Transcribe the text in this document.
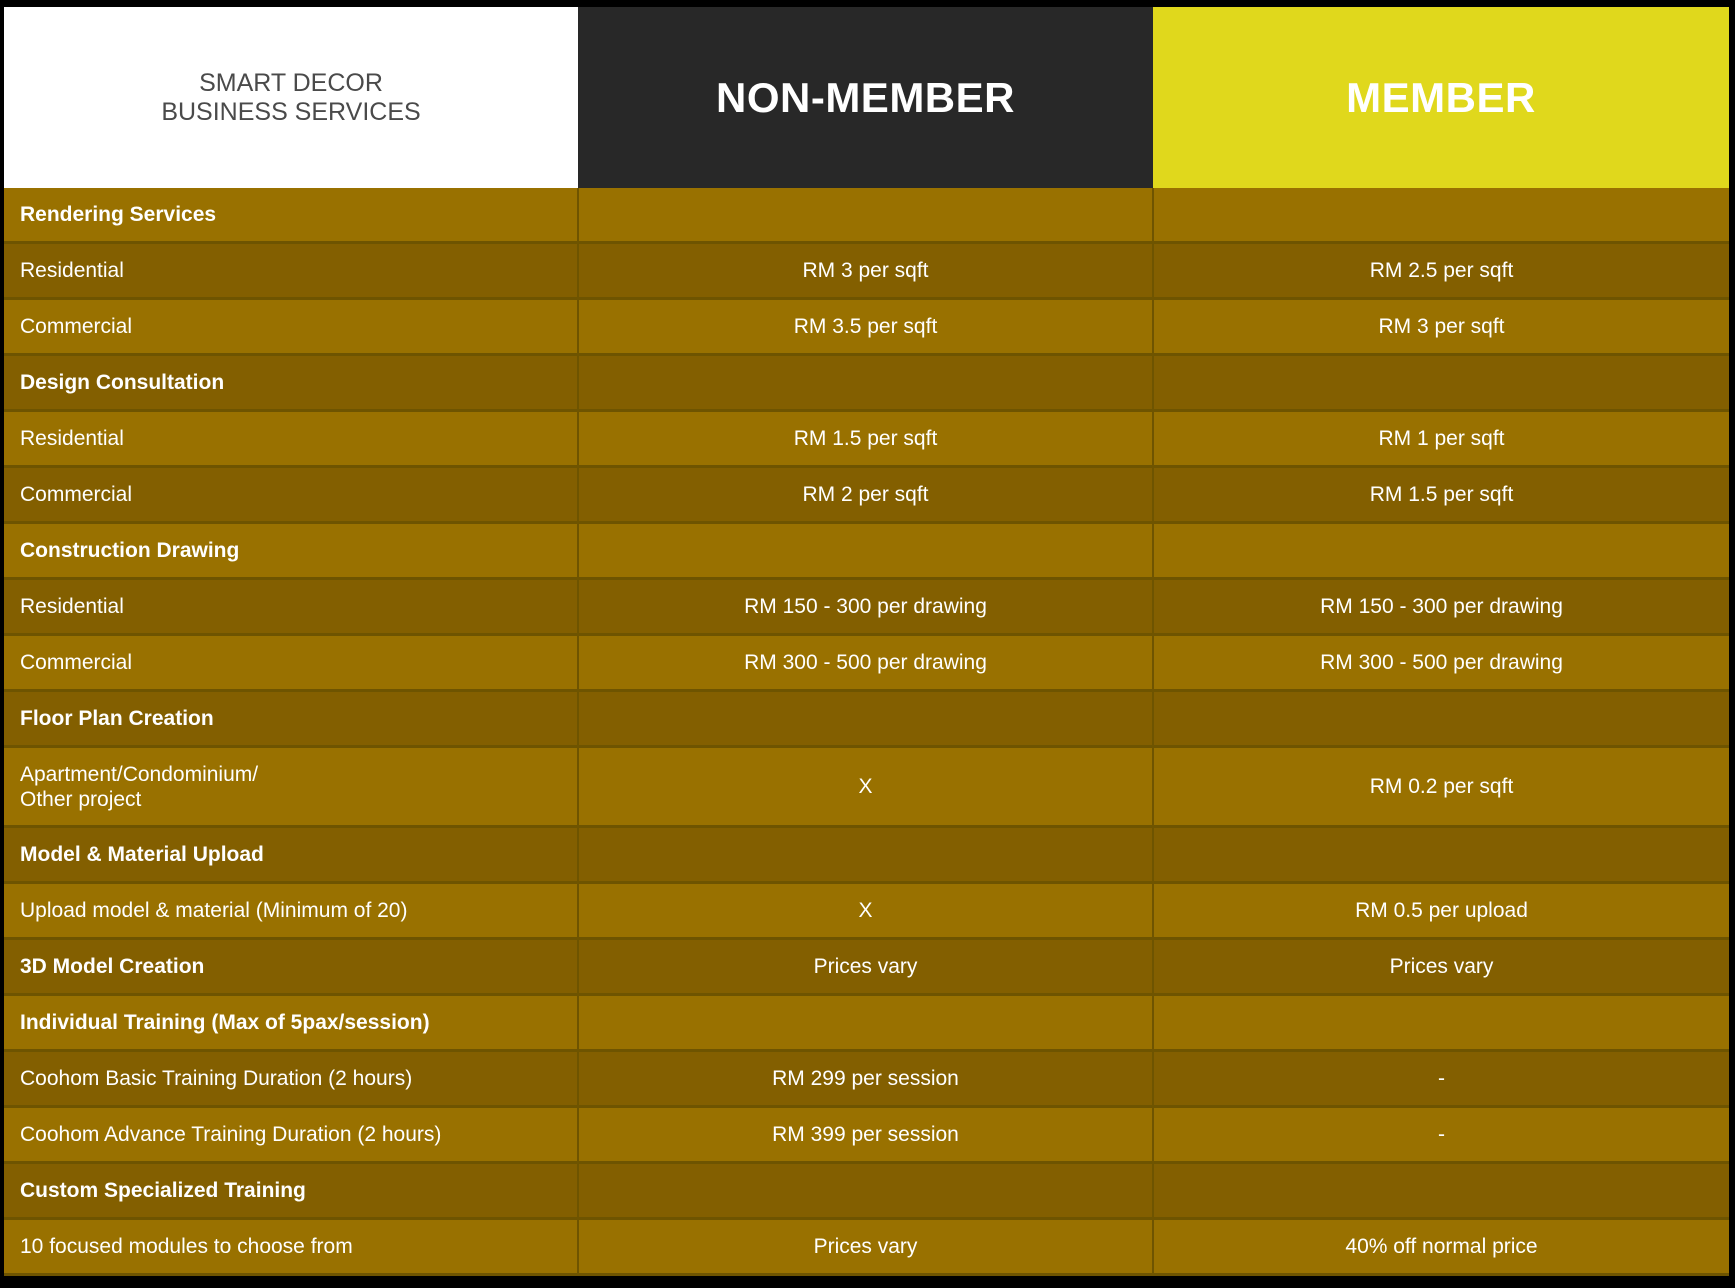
SMART DECOR
BUSINESS SERVICES	NON-MEMBER	MEMBER
Rendering Services		
Residential	RM 3 per sqft	RM 2.5 per sqft
Commercial	RM 3.5 per sqft	RM 3 per sqft
Design Consultation		
Residential	RM 1.5 per sqft	RM 1 per sqft
Commercial	RM 2 per sqft	RM 1.5 per sqft
Construction Drawing		
Residential	RM 150 - 300 per drawing	RM 150 - 300 per drawing
Commercial	RM 300 - 500 per drawing	RM 300 - 500 per drawing
Floor Plan Creation		
Apartment/Condominium/
Other project	X	RM 0.2 per sqft
Model & Material Upload		
Upload model & material (Minimum of 20)	X	RM 0.5 per upload
3D Model Creation	Prices vary	Prices vary
Individual Training (Max of 5pax/session)		
Coohom Basic Training Duration (2 hours)	RM 299 per session	-
Coohom Advance Training Duration (2 hours)	RM 399 per session	-
Custom Specialized Training		
10 focused modules to choose from	Prices vary	40% off normal price
